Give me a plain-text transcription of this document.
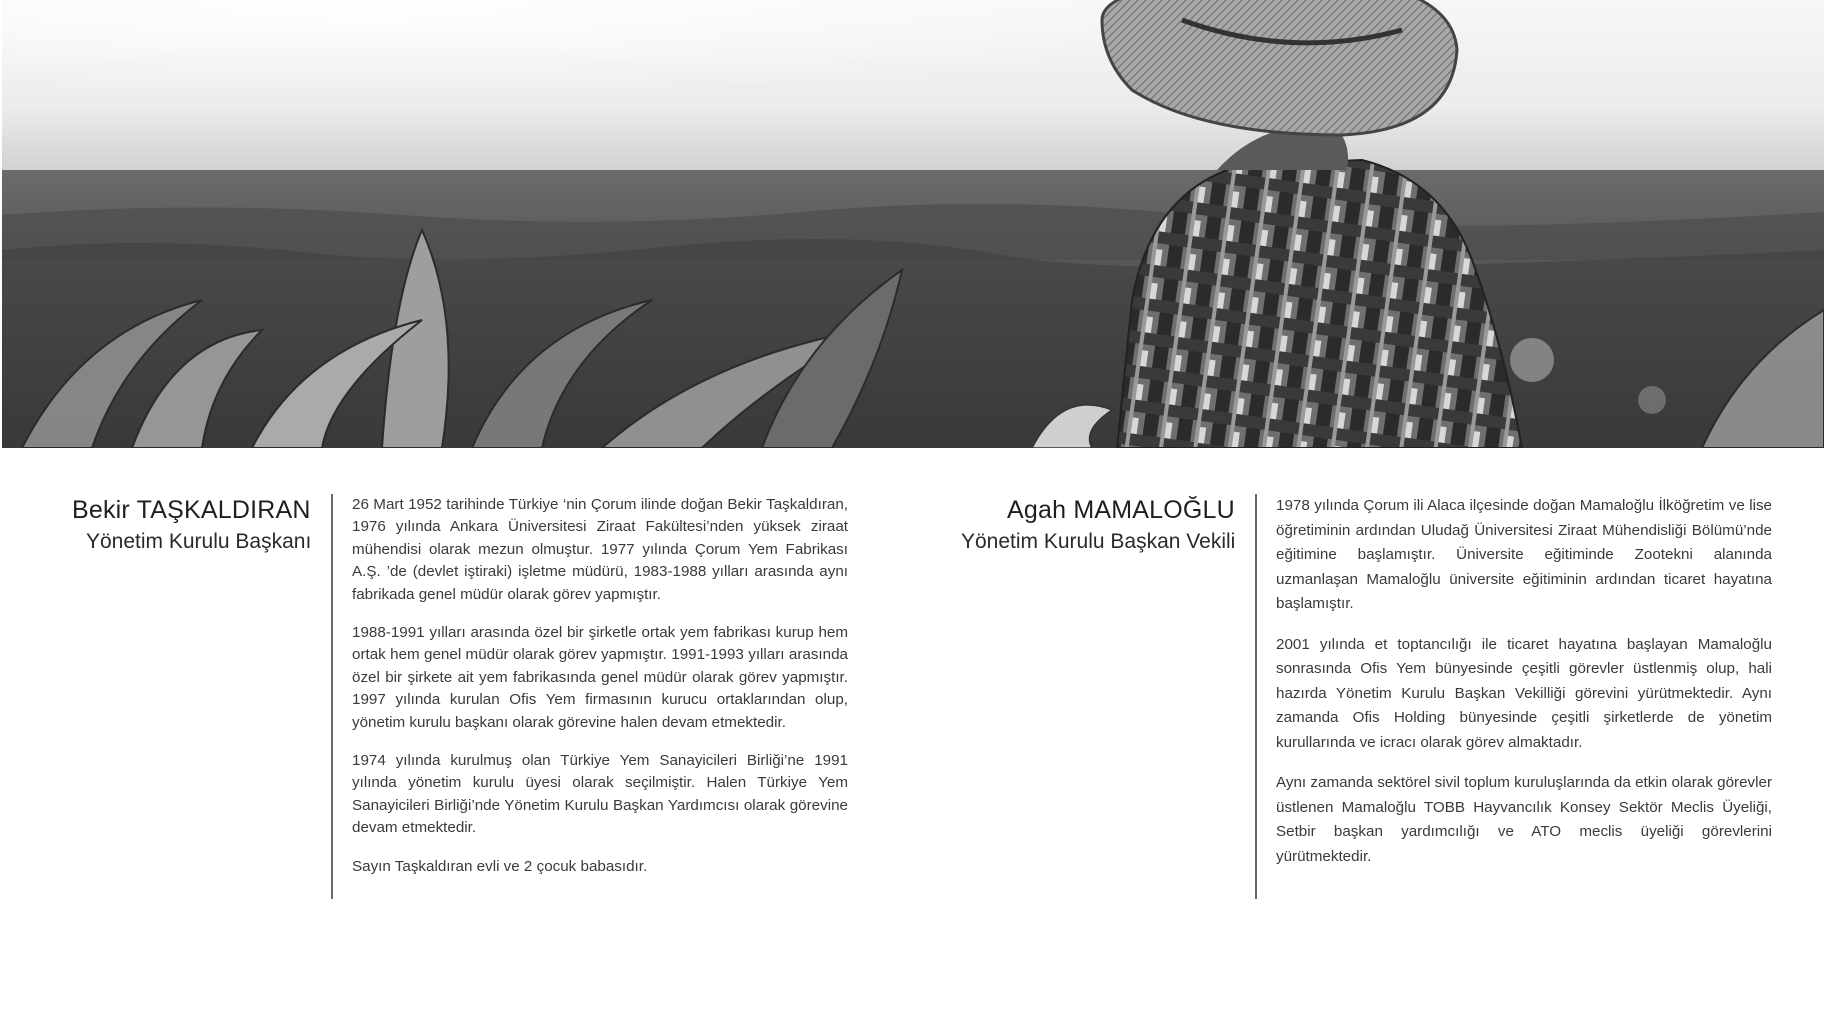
Bekir TAŞKALDIRAN
Yönetim Kurulu Başkanı

26 Mart 1952 tarihinde Türkiye ‘nin Çorum ilinde doğan Bekir Taşkaldıran, 1976 yılında Ankara Üniversitesi Ziraat Fakültesi’nden yüksek ziraat mühendisi olarak mezun olmuştur. 1977 yılında Çorum Yem Fabrikası A.Ş. ’de (devlet iştiraki) işletme müdürü, 1983-1988 yılları arasında aynı fabrikada genel müdür olarak görev yapmıştır.

1988-1991 yılları arasında özel bir şirketle ortak yem fabrikası kurup hem ortak hem genel müdür olarak görev yapmıştır. 1991-1993 yılları arasında özel bir şirkete ait yem fabrikasında genel müdür olarak görev yapmıştır. 1997 yılında kurulan Ofis Yem firmasının kurucu ortaklarından olup, yönetim kurulu başkanı olarak görevine halen devam etmektedir.

1974 yılında kurulmuş olan Türkiye Yem Sanayicileri Birliği’ne 1991 yılında yönetim kurulu üyesi olarak seçilmiştir. Halen Türkiye Yem Sanayicileri Birliği’nde Yönetim Kurulu Başkan Yardımcısı olarak görevine devam etmektedir.

Sayın Taşkaldıran evli ve 2 çocuk babasıdır.

Agah MAMALOĞLU
Yönetim Kurulu Başkan Vekili

1978 yılında Çorum ili Alaca ilçesinde doğan Mamaloğlu İlköğretim ve lise öğretiminin ardından Uludağ Üniversitesi Ziraat Mühendisliği Bölümü’nde eğitimine başlamıştır. Üniversite eğitiminde Zootekni alanında uzmanlaşan Mamaloğlu üniversite eğitiminin ardından ticaret hayatına başlamıştır.

2001 yılında et toptancılığı ile ticaret hayatına başlayan Mamaloğlu sonrasında Ofis Yem bünyesinde çeşitli görevler üstlenmiş olup, hali hazırda Yönetim Kurulu Başkan Vekilliği görevini yürütmektedir. Aynı zamanda Ofis Holding bünyesinde çeşitli şirketlerde de yönetim kurullarında ve icracı olarak görev almaktadır.

Aynı zamanda sektörel sivil toplum kuruluşlarında da etkin olarak görevler üstlenen Mamaloğlu TOBB Hayvancılık Konsey Sektör Meclis Üyeliği, Setbir başkan yardımcılığı ve ATO meclis üyeliği görevlerini yürütmektedir.
